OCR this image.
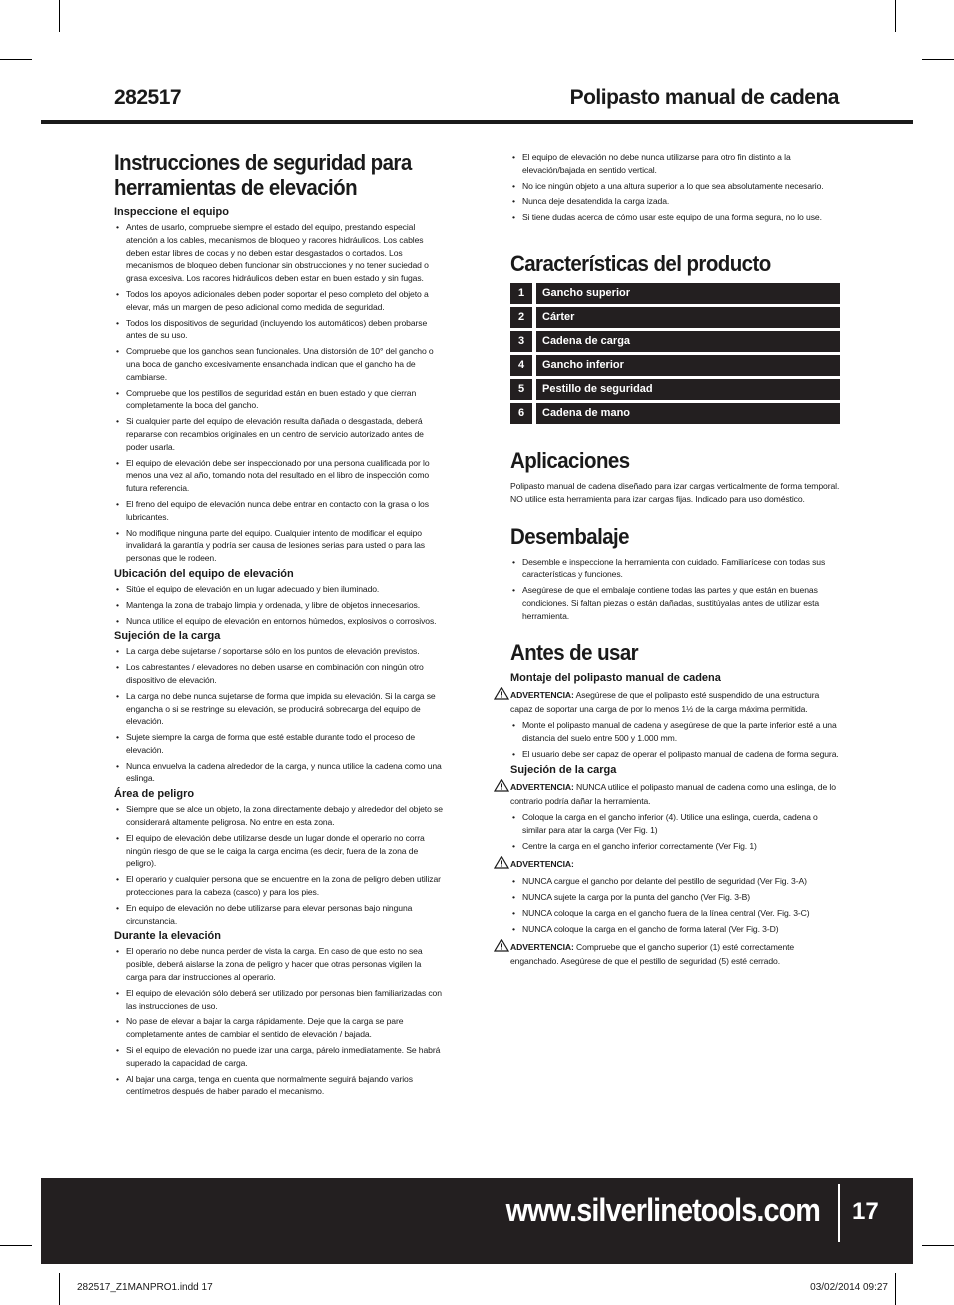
282517	Polipasto manual de cadena
Instrucciones de seguridad para herramientas de elevación
Inspeccione el equipo
• Antes de usarlo, compruebe siempre el estado del equipo, prestando especial atención a los cables, mecanismos de bloqueo y racores hidráulicos. Los cables deben estar libres de cocas y no deben estar desgastados o cortados. Los mecanismos de bloqueo deben funcionar sin obstrucciones y no tener suciedad o grasa excesiva. Los racores hidráulicos deben estar en buen estado y sin fugas.
• Todos los apoyos adicionales deben poder soportar el peso completo del objeto a elevar, más un margen de peso adicional como medida de seguridad.
• Todos los dispositivos de seguridad (incluyendo los automáticos) deben probarse antes de su uso.
• Compruebe que los ganchos sean funcionales. Una distorsión de 10° del gancho o una boca de gancho excesivamente ensanchada indican que el gancho ha de cambiarse.
• Compruebe que los pestillos de seguridad están en buen estado y que cierran completamente la boca del gancho.
• Si cualquier parte del equipo de elevación resulta dañada o desgastada, deberá repararse con recambios originales en un centro de servicio autorizado antes de poder usarla.
• El equipo de elevación debe ser inspeccionado por una persona cualificada por lo menos una vez al año, tomando nota del resultado en el libro de inspección como futura referencia.
• El freno del equipo de elevación nunca debe entrar en contacto con la grasa o los lubricantes.
• No modifique ninguna parte del equipo. Cualquier intento de modificar el equipo invalidará la garantía y podría ser causa de lesiones serias para usted o para las personas que le rodeen.
Ubicación del equipo de elevación
• Sitúe el equipo de elevación en un lugar adecuado y bien iluminado.
• Mantenga la zona de trabajo limpia y ordenada, y libre de objetos innecesarios.
• Nunca utilice el equipo de elevación en entornos húmedos, explosivos o corrosivos.
Sujeción de la carga
• La carga debe sujetarse / soportarse sólo en los puntos de elevación previstos.
• Los cabrestantes / elevadores no deben usarse en combinación con ningún otro dispositivo de elevación.
• La carga no debe nunca sujetarse de forma que impida su elevación. Si la carga se engancha o si se restringe su elevación, se producirá sobrecarga del equipo de elevación.
• Sujete siempre la carga de forma que esté estable durante todo el proceso de elevación.
• Nunca envuelva la cadena alrededor de la carga, y nunca utilice la cadena como una eslinga.
Área de peligro
• Siempre que se alce un objeto, la zona directamente debajo y alrededor del objeto se considerará altamente peligrosa. No entre en esta zona.
• El equipo de elevación debe utilizarse desde un lugar donde el operario no corra ningún riesgo de que se le caiga la carga encima (es decir, fuera de la zona de peligro).
• El operario y cualquier persona que se encuentre en la zona de peligro deben utilizar protecciones para la cabeza (casco) y para los pies.
• En equipo de elevación no debe utilizarse para elevar personas bajo ninguna circunstancia.
Durante la elevación
• El operario no debe nunca perder de vista la carga. En caso de que esto no sea posible, deberá aislarse la zona de peligro y hacer que otras personas vigilen la carga para dar instrucciones al operario.
• El equipo de elevación sólo deberá ser utilizado por personas bien familiarizadas con las instrucciones de uso.
• No pase de elevar a bajar la carga rápidamente. Deje que la carga se pare completamente antes de cambiar el sentido de elevación / bajada.
• Si el equipo de elevación no puede izar una carga, párelo inmediatamente. Se habrá superado la capacidad de carga.
• Al bajar una carga, tenga en cuenta que normalmente seguirá bajando varios centímetros después de haber parado el mecanismo.
• El equipo de elevación no debe nunca utilizarse para otro fin distinto a la elevación/bajada en sentido vertical.
• No ice ningún objeto a una altura superior a lo que sea absolutamente necesario.
• Nunca deje desatendida la carga izada.
• Si tiene dudas acerca de cómo usar este equipo de una forma segura, no lo use.
Características del producto
1	Gancho superior
2	Cárter
3	Cadena de carga
4	Gancho inferior
5	Pestillo de seguridad
6	Cadena de mano
Aplicaciones

Polipasto manual de cadena diseñado para izar cargas verticalmente de forma temporal. NO utilice esta herramienta para izar cargas fijas. Indicado para uso doméstico.

Desembalaje
• Desemble e inspeccione la herramienta con cuidado. Familiarícese con todas sus características y funciones.
• Asegúrese de que el embalaje contiene todas las partes y que están en buenas condiciones. Si faltan piezas o están dañadas, sustitúyalas antes de utilizar esta herramienta.
Antes de usar
Montaje del polipasto manual de cadena

ADVERTENCIA: Asegúrese de que el polipasto esté suspendido de una estructura capaz de soportar una carga de por lo menos 1½ de la carga máxima permitida.

• Monte el polipasto manual de cadena y asegúrese de que la parte inferior esté a una distancia del suelo entre 500 y 1.000 mm.
• El usuario debe ser capaz de operar el polipasto manual de cadena de forma segura.
Sujeción de la carga

ADVERTENCIA: NUNCA utilice el polipasto manual de cadena como una eslinga, de lo contrario podría dañar la herramienta.

• Coloque la carga en el gancho inferior (4). Utilice una eslinga, cuerda, cadena o similar para atar la carga (Ver Fig. 1)
• Centre la carga en el gancho inferior correctamente (Ver Fig. 1)

ADVERTENCIA:

• NUNCA cargue el gancho por delante del pestillo de seguridad (Ver Fig. 3-A)
• NUNCA sujete la carga por la punta del gancho (Ver Fig. 3-B)
• NUNCA coloque la carga en el gancho fuera de la línea central (Ver. Fig. 3-C)
• NUNCA coloque la carga en el gancho de forma lateral (Ver Fig. 3-D)

ADVERTENCIA: Compruebe que el gancho superior (1) esté correctamente enganchado. Asegúrese de que el pestillo de seguridad (5) esté cerrado.

www.silverlinetools.com 17
282517_Z1MANPRO1.indd 17	03/02/2014 09:27
